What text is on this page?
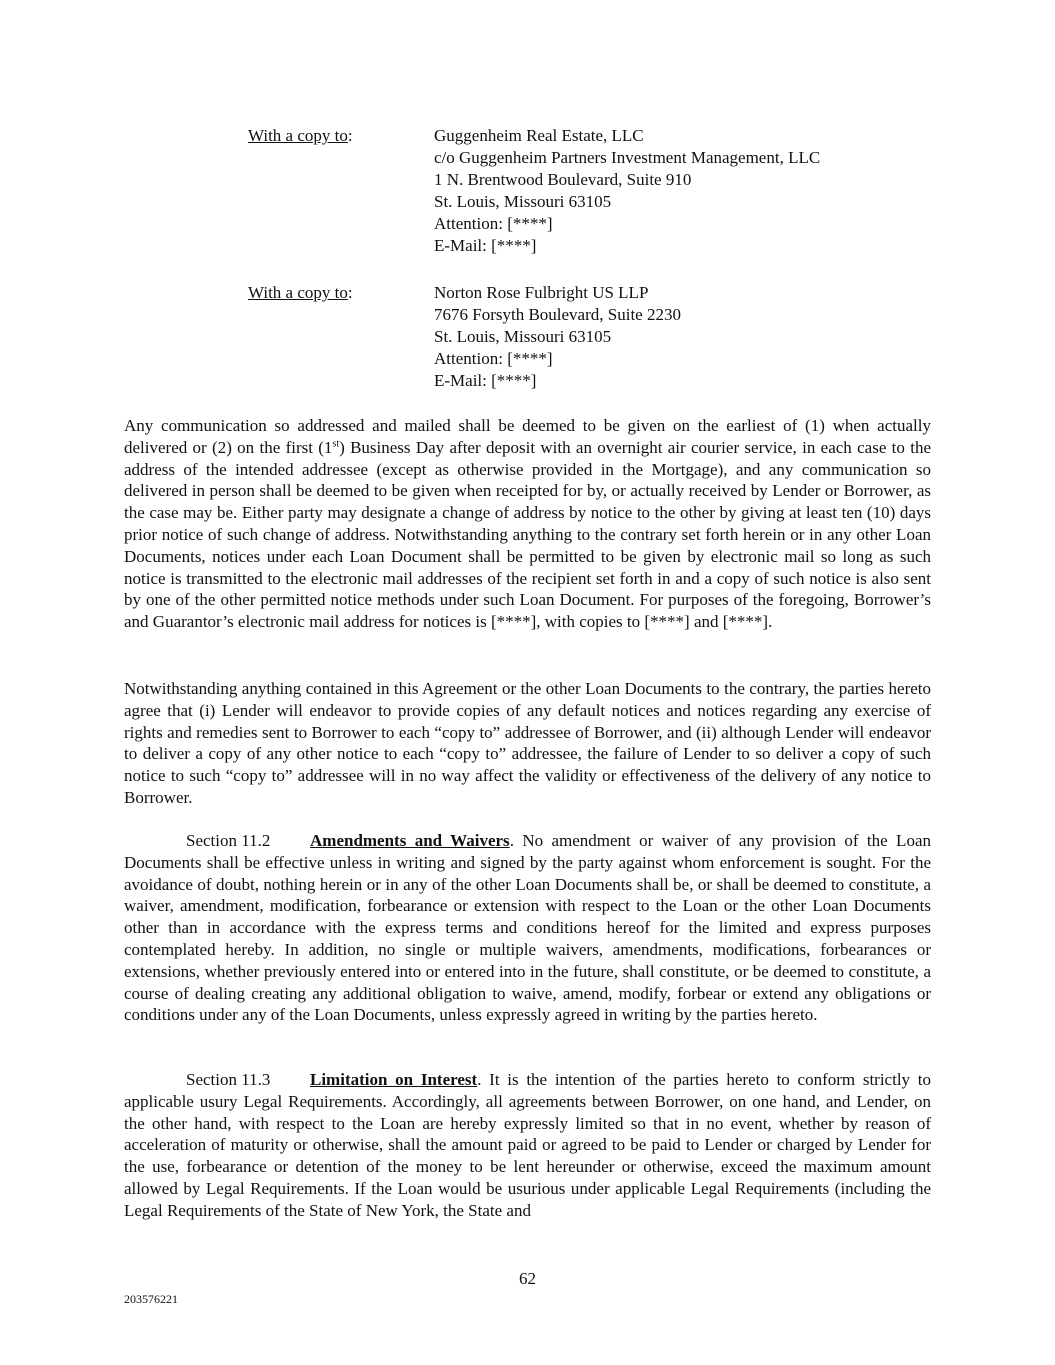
With a copy to:	Guggenheim Real Estate, LLC
c/o Guggenheim Partners Investment Management, LLC
1 N. Brentwood Boulevard, Suite 910
St. Louis, Missouri 63105
Attention: [****]
E-Mail: [****]
With a copy to:	Norton Rose Fulbright US LLP
7676 Forsyth Boulevard, Suite 2230
St. Louis, Missouri 63105
Attention: [****]
E-Mail: [****]

Any communication so addressed and mailed shall be deemed to be given on the earliest of (1) when actually delivered or (2) on the first (1st) Business Day after deposit with an overnight air courier service, in each case to the address of the intended addressee (except as otherwise provided in the Mortgage), and any communication so delivered in person shall be deemed to be given when receipted for by, or actually received by Lender or Borrower, as the case may be. Either party may designate a change of address by notice to the other by giving at least ten (10) days prior notice of such change of address. Notwithstanding anything to the contrary set forth herein or in any other Loan Documents, notices under each Loan Document shall be permitted to be given by electronic mail so long as such notice is transmitted to the electronic mail addresses of the recipient set forth in and a copy of such notice is also sent by one of the other permitted notice methods under such Loan Document. For purposes of the foregoing, Borrower’s and Guarantor’s electronic mail address for notices is [****], with copies to [****] and [****].

Notwithstanding anything contained in this Agreement or the other Loan Documents to the contrary, the parties hereto agree that (i) Lender will endeavor to provide copies of any default notices and notices regarding any exercise of rights and remedies sent to Borrower to each “copy to” addressee of Borrower, and (ii) although Lender will endeavor to deliver a copy of any other notice to each “copy to” addressee, the failure of Lender to so deliver a copy of such notice to such “copy to” addressee will in no way affect the validity or effectiveness of the delivery of any notice to Borrower.

Section 11.2 Amendments and Waivers. No amendment or waiver of any provision of the Loan Documents shall be effective unless in writing and signed by the party against whom enforcement is sought. For the avoidance of doubt, nothing herein or in any of the other Loan Documents shall be, or shall be deemed to constitute, a waiver, amendment, modification, forbearance or extension with respect to the Loan or the other Loan Documents other than in accordance with the express terms and conditions hereof for the limited and express purposes contemplated hereby. In addition, no single or multiple waivers, amendments, modifications, forbearances or extensions, whether previously entered into or entered into in the future, shall constitute, or be deemed to constitute, a course of dealing creating any additional obligation to waive, amend, modify, forbear or extend any obligations or conditions under any of the Loan Documents, unless expressly agreed in writing by the parties hereto.

Section 11.3 Limitation on Interest. It is the intention of the parties hereto to conform strictly to applicable usury Legal Requirements. Accordingly, all agreements between Borrower, on one hand, and Lender, on the other hand, with respect to the Loan are hereby expressly limited so that in no event, whether by reason of acceleration of maturity or otherwise, shall the amount paid or agreed to be paid to Lender or charged by Lender for the use, forbearance or detention of the money to be lent hereunder or otherwise, exceed the maximum amount allowed by Legal Requirements. If the Loan would be usurious under applicable Legal Requirements (including the Legal Requirements of the State of New York, the State and

62
203576221
